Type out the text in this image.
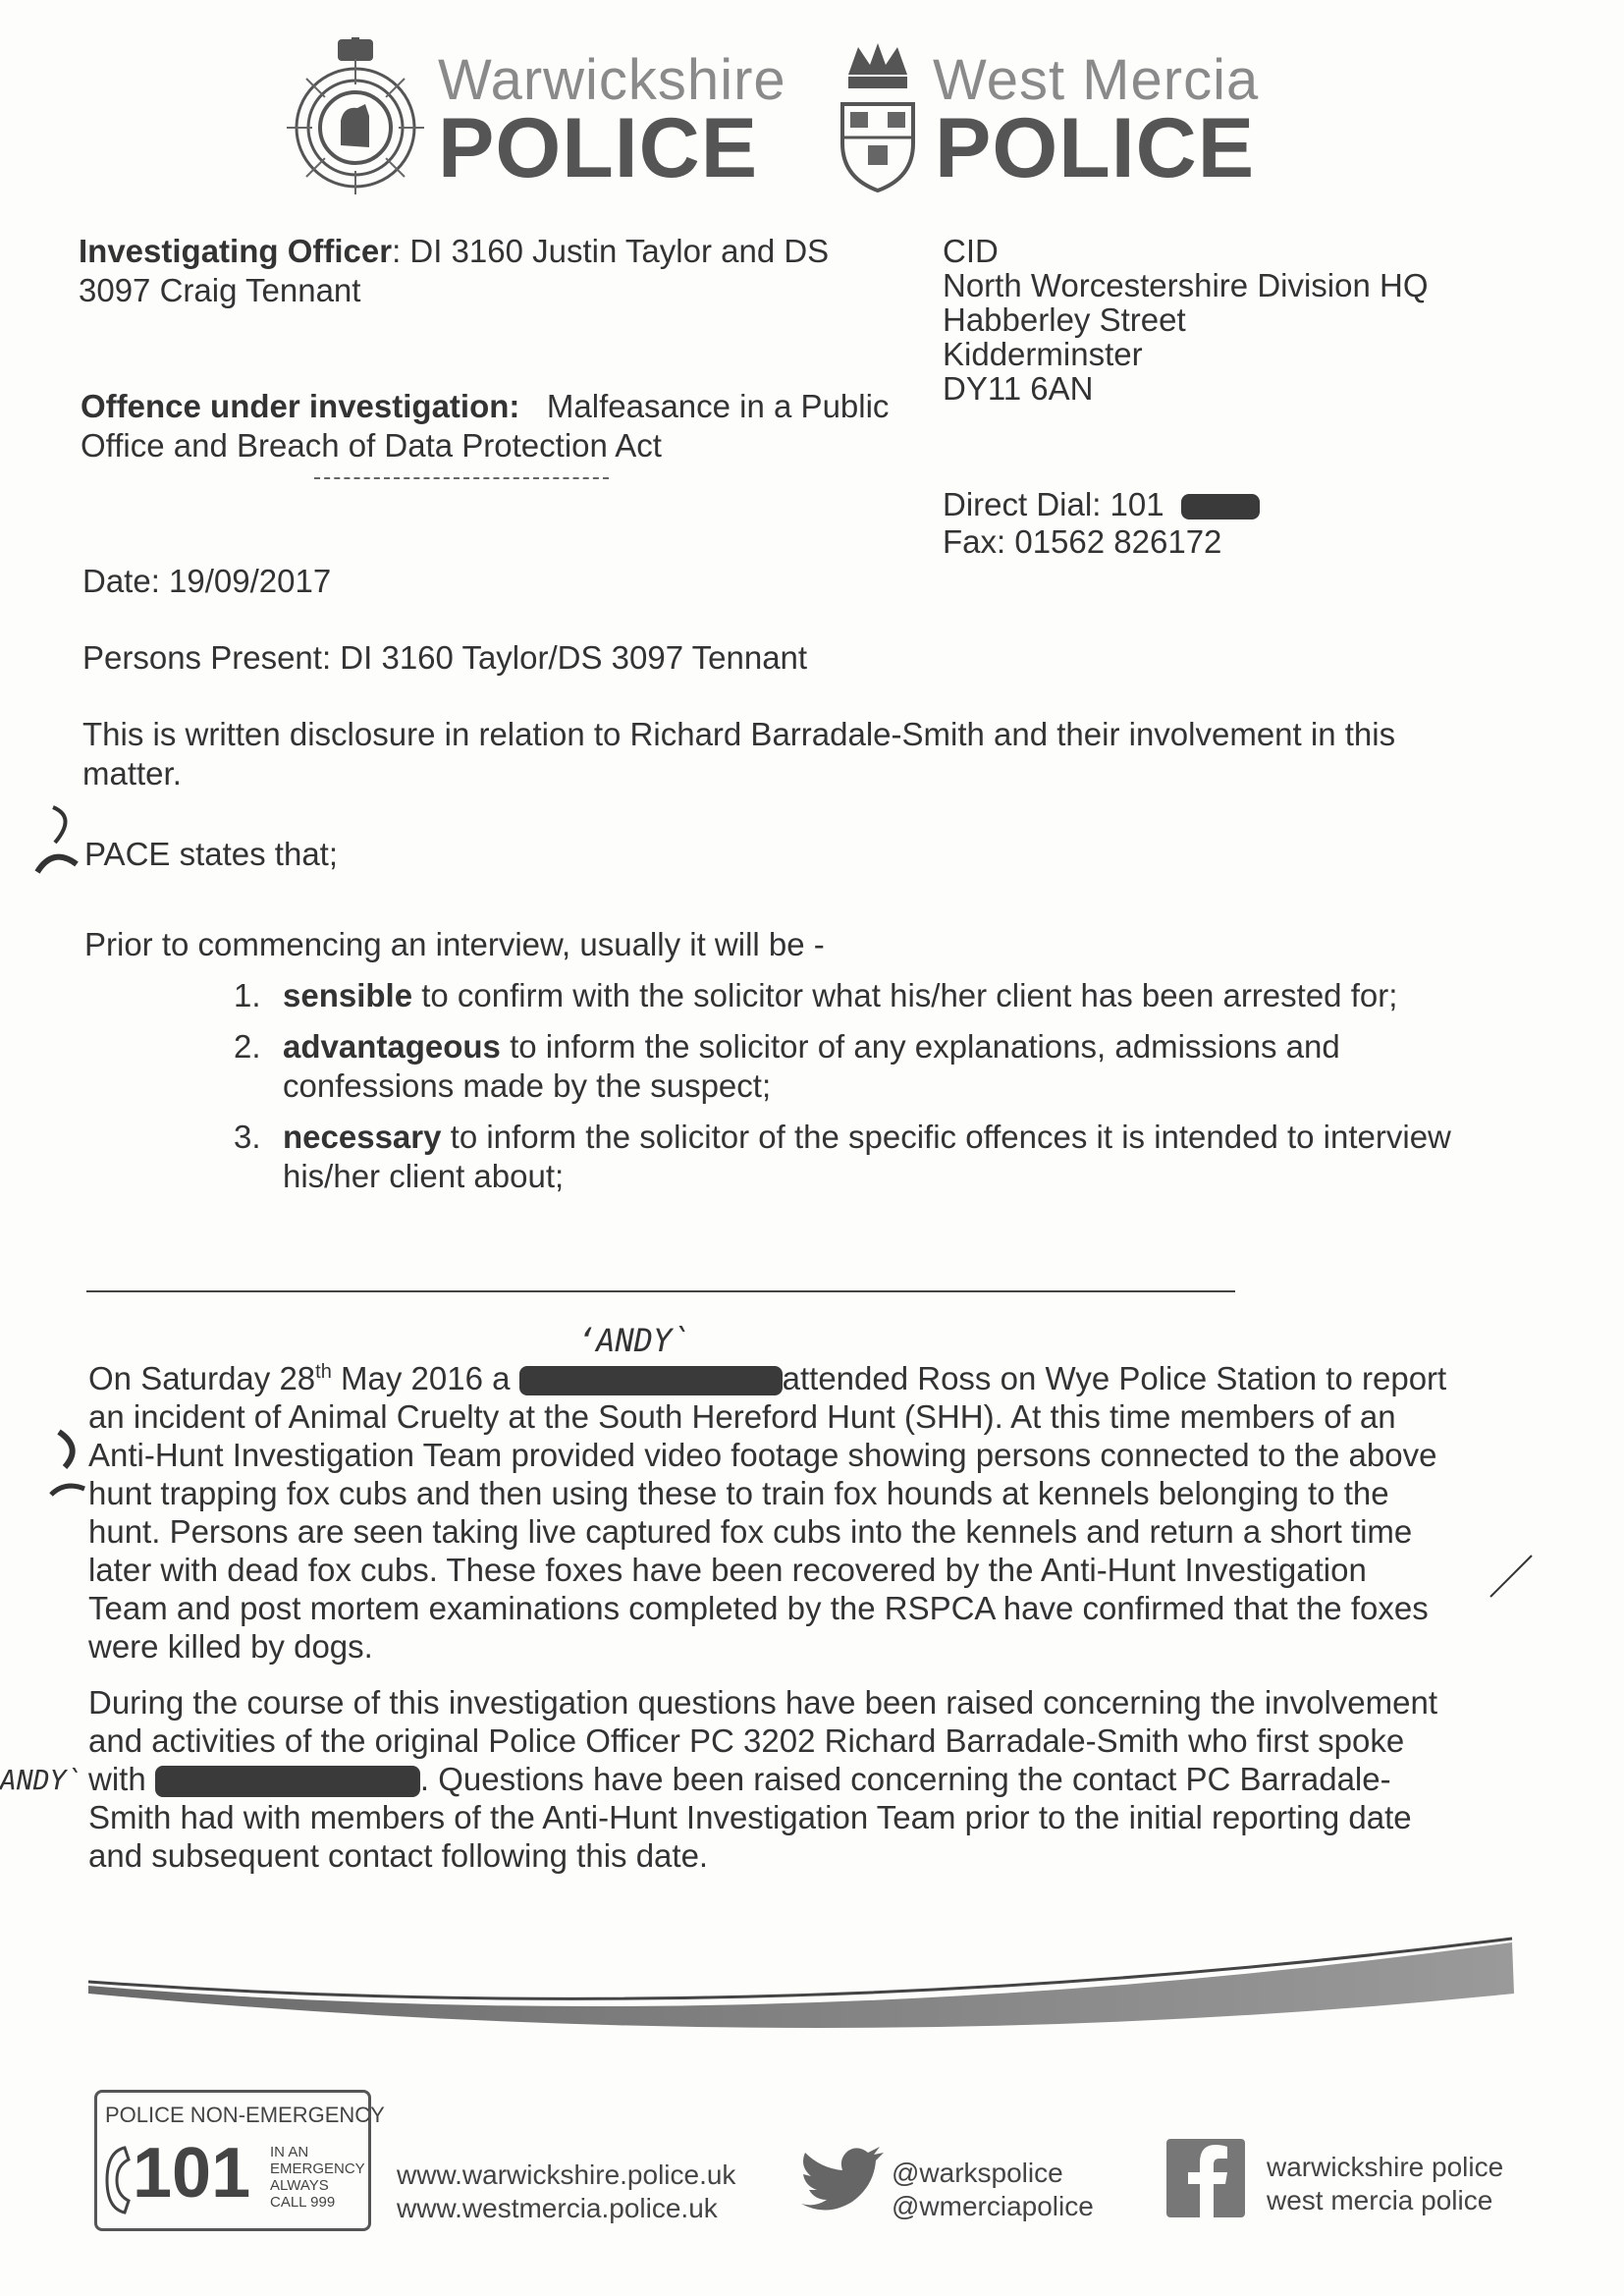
Warwickshire
POLICE
West Mercia
POLICE
Investigating Officer: DI 3160 Justin Taylor and DS
3097 Craig Tennant
Offence under investigation: Malfeasance in a Public
Office and Breach of Data Protection Act
CID
North Worcestershire Division HQ
Habberley Street
Kidderminster
DY11 6AN
Direct Dial: 101
Fax: 01562 826172
Date: 19/09/2017
Persons Present: DI 3160 Taylor/DS 3097 Tennant
This is written disclosure in relation to Richard Barradale-Smith and their involvement in this
matter.
PACE states that;
Prior to commencing an interview, usually it will be -
1. sensible to confirm with the solicitor what his/her client has been arrested for;
2. advantageous to inform the solicitor of any explanations, admissions and
confessions made by the suspect;
3. necessary to inform the solicitor of the specific offences it is intended to interview
his/her client about;
‘ANDY`
On Saturday 28th May 2016 a	attended Ross on Wye Police Station to report
an incident of Animal Cruelty at the South Hereford Hunt (SHH). At this time members of an
Anti-Hunt Investigation Team provided video footage showing persons connected to the above
hunt trapping fox cubs and then using these to train fox hounds at kennels belonging to the
hunt. Persons are seen taking live captured fox cubs into the kennels and return a short time
later with dead fox cubs. These foxes have been recovered by the Anti-Hunt Investigation
Team and post mortem examinations completed by the RSPCA have confirmed that the foxes
were killed by dogs.
During the course of this investigation questions have been raised concerning the involvement
and activities of the original Police Officer PC 3202 Richard Barradale-Smith who first spoke
with	. Questions have been raised concerning the contact PC Barradale-
Smith had with members of the Anti-Hunt Investigation Team prior to the initial reporting date
and subsequent contact following this date.
ANDY`
POLICE NON-EMERGENCY
101 IN AN
EMERGENCY
ALWAYS
CALL 999
www.warwickshire.police.uk
www.westmercia.police.uk
@warkspolice
@wmerciapolice
warwickshire police
west mercia police
